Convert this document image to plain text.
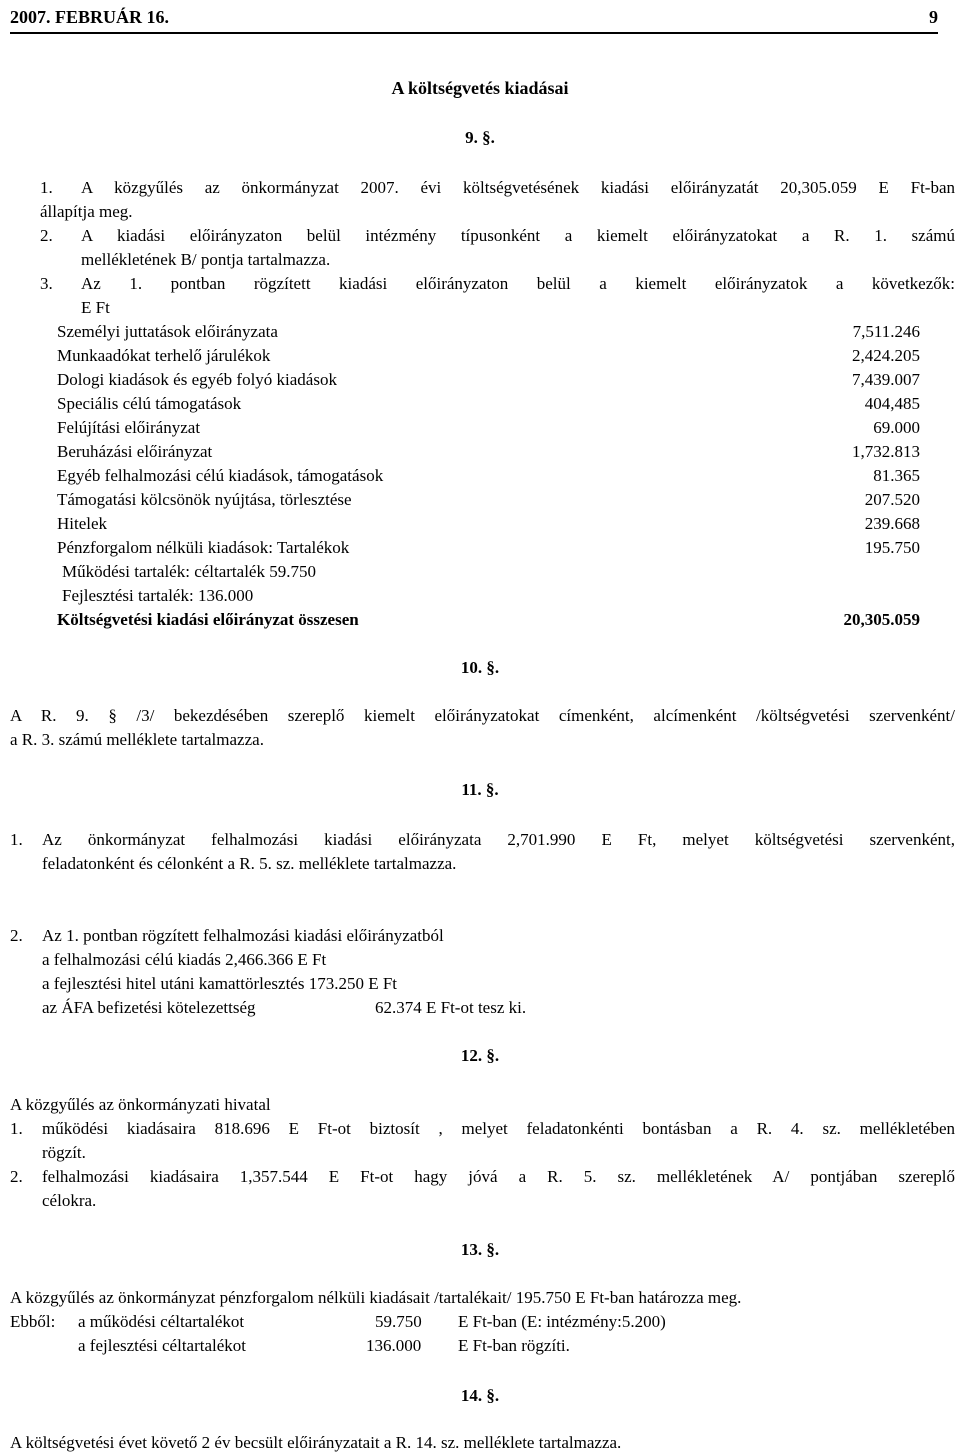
2007. FEBRUÁR 16.	9
A költségvetés kiadásai
9. §.
1. A közgyűlés az önkormányzat 2007. évi költségvetésének kiadási előirányzatát 20,305.059 E Ft-ban
állapítja meg.
2. A kiadási előirányzaton belül intézmény típusonként a kiemelt előirányzatokat a R. 1. számú
mellékletének B/ pontja tartalmazza.
3. Az 1. pontban rögzített kiadási előirányzaton belül a kiemelt előirányzatok a következők:
E Ft
Személyi juttatások előirányzata	7,511.246
Munkaadókat terhelő járulékok	2,424.205
Dologi kiadások és egyéb folyó kiadások	7,439.007
Speciális célú támogatások	404,485
Felújítási előirányzat	69.000
Beruházási előirányzat	1,732.813
Egyéb felhalmozási célú kiadások, támogatások	81.365
Támogatási kölcsönök nyújtása, törlesztése	207.520
Hitelek	239.668
Pénzforgalom nélküli kiadások: Tartalékok	195.750
Működési tartalék: céltartalék 59.750
Fejlesztési tartalék: 136.000
Költségvetési kiadási előirányzat összesen	20,305.059
10. §.
A R. 9. § /3/ bekezdésében szereplő kiemelt előirányzatokat címenként, alcímenként /költségvetési szervenként/
a R. 3. számú melléklete tartalmazza.
11. §.
1. Az önkormányzat felhalmozási kiadási előirányzata 2,701.990 E Ft, melyet költségvetési szervenként,
feladatonként és célonként a R. 5. sz. melléklete tartalmazza.
2. Az 1. pontban rögzített felhalmozási kiadási előirányzatból
a felhalmozási célú kiadás 2,466.366 E Ft
a fejlesztési hitel utáni kamattörlesztés 173.250 E Ft
az ÁFA befizetési kötelezettség	62.374 E Ft-ot tesz ki.
12. §.
A közgyűlés az önkormányzati hivatal
1. működési kiadásaira 818.696 E Ft-ot biztosít , melyet feladatonkénti bontásban a R. 4. sz. mellékletében
rögzít.
2. felhalmozási kiadásaira 1,357.544 E Ft-ot hagy jóvá a R. 5. sz. mellékletének A/ pontjában szereplő
célokra.
13. §.
A közgyűlés az önkormányzat pénzforgalom nélküli kiadásait /tartalékait/ 195.750 E Ft-ban határozza meg.
Ebből: a működési céltartalékot	59.750 E Ft-ban (E: intézmény:5.200)
a fejlesztési céltartalékot	136.000 E Ft-ban rögzíti.
14. §.
A költségvetési évet követő 2 év becsült előirányzatait a R. 14. sz. melléklete tartalmazza.
